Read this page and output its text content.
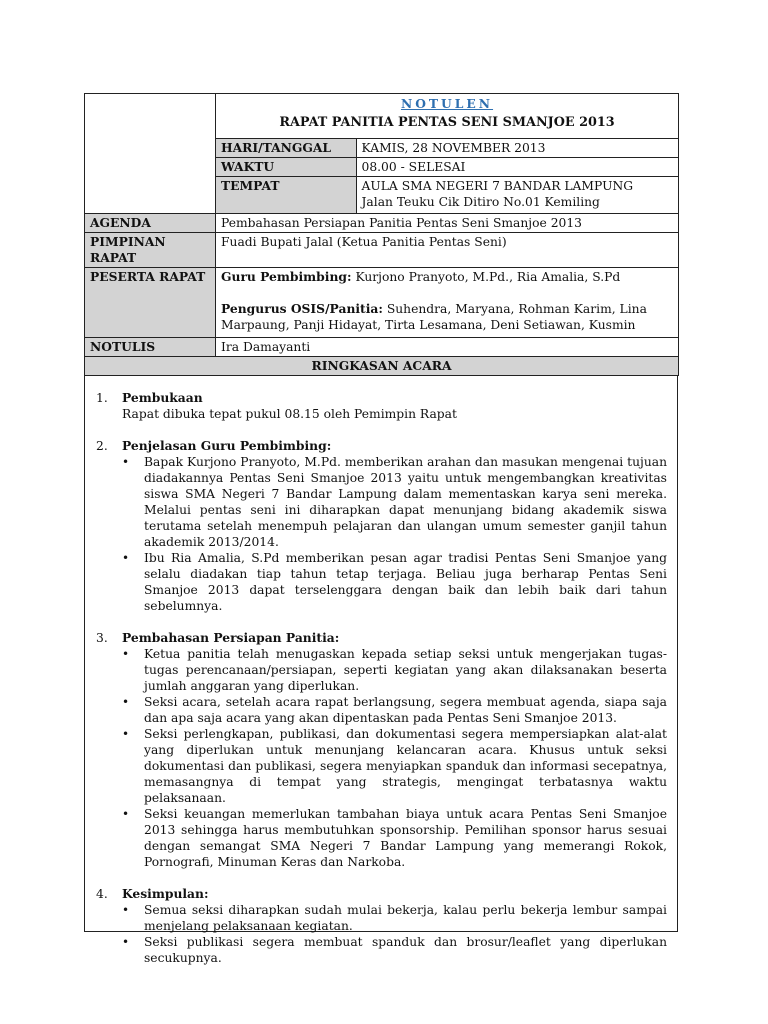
NOTULEN
RAPAT PANITIA PENTAS SENI SMANJOE 2013

HARI/TANGGAL	KAMIS, 28 NOVEMBER 2013
WAKTU	08.00 - SELESAI
TEMPAT	AULA SMA NEGERI 7 BANDAR LAMPUNG
Jalan Teuku Cik Ditiro No.01 Kemiling

AGENDA	Pembahasan Persiapan Panitia Pentas Seni Smanjoe 2013
PIMPINAN RAPAT	Fuadi Bupati Jalal (Ketua Panitia Pentas Seni)
PESERTA RAPAT	Guru Pembimbing: Kurjono Pranyoto, M.Pd., Ria Amalia, S.Pd
Pengurus OSIS/Panitia: Suhendra, Maryana, Rohman Karim, Lina Marpaung, Panji Hidayat, Tirta Lesamana, Deni Setiawan, Kusmin

NOTULIS	Ira Damayanti
RINGKASAN ACARA
1.	Pembukaan
Rapat dibuka tepat pukul 08.15 oleh Pemimpin Rapat
2.	Penjelasan Guru Pembimbing:
•	Bapak Kurjono Pranyoto, M.Pd. memberikan arahan dan masukan mengenai tujuan diadakannya Pentas Seni Smanjoe 2013 yaitu untuk mengembangkan kreativitas siswa SMA Negeri 7 Bandar Lampung dalam mementaskan karya seni mereka. Melalui pentas seni ini diharapkan dapat menunjang bidang akademik siswa terutama setelah menempuh pelajaran dan ulangan umum semester ganjil tahun akademik 2013/2014.
•	Ibu Ria Amalia, S.Pd memberikan pesan agar tradisi Pentas Seni Smanjoe yang selalu diadakan tiap tahun tetap terjaga. Beliau juga berharap Pentas Seni Smanjoe 2013 dapat terselenggara dengan baik dan lebih baik dari tahun sebelumnya.
3.	Pembahasan Persiapan Panitia:
•	Ketua panitia telah menugaskan kepada setiap seksi untuk mengerjakan tugas-tugas perencanaan/persiapan, seperti kegiatan yang akan dilaksanakan beserta jumlah anggaran yang diperlukan.
•	Seksi acara, setelah acara rapat berlangsung, segera membuat agenda, siapa saja dan apa saja acara yang akan dipentaskan pada Pentas Seni Smanjoe 2013.
•	Seksi perlengkapan, publikasi, dan dokumentasi segera mempersiapkan alat-alat yang diperlukan untuk menunjang kelancaran acara. Khusus untuk seksi dokumentasi dan publikasi, segera menyiapkan spanduk dan informasi secepatnya, memasangnya di tempat yang strategis, mengingat terbatasnya waktu pelaksanaan.
•	Seksi keuangan memerlukan tambahan biaya untuk acara Pentas Seni Smanjoe 2013 sehingga harus membutuhkan sponsorship. Pemilihan sponsor harus sesuai dengan semangat SMA Negeri 7 Bandar Lampung yang memerangi Rokok, Pornografi, Minuman Keras dan Narkoba.
4.	Kesimpulan:
•	Semua seksi diharapkan sudah mulai bekerja, kalau perlu bekerja lembur sampai menjelang pelaksanaan kegiatan.
•	Seksi publikasi segera membuat spanduk dan brosur/leaflet yang diperlukan secukupnya.
